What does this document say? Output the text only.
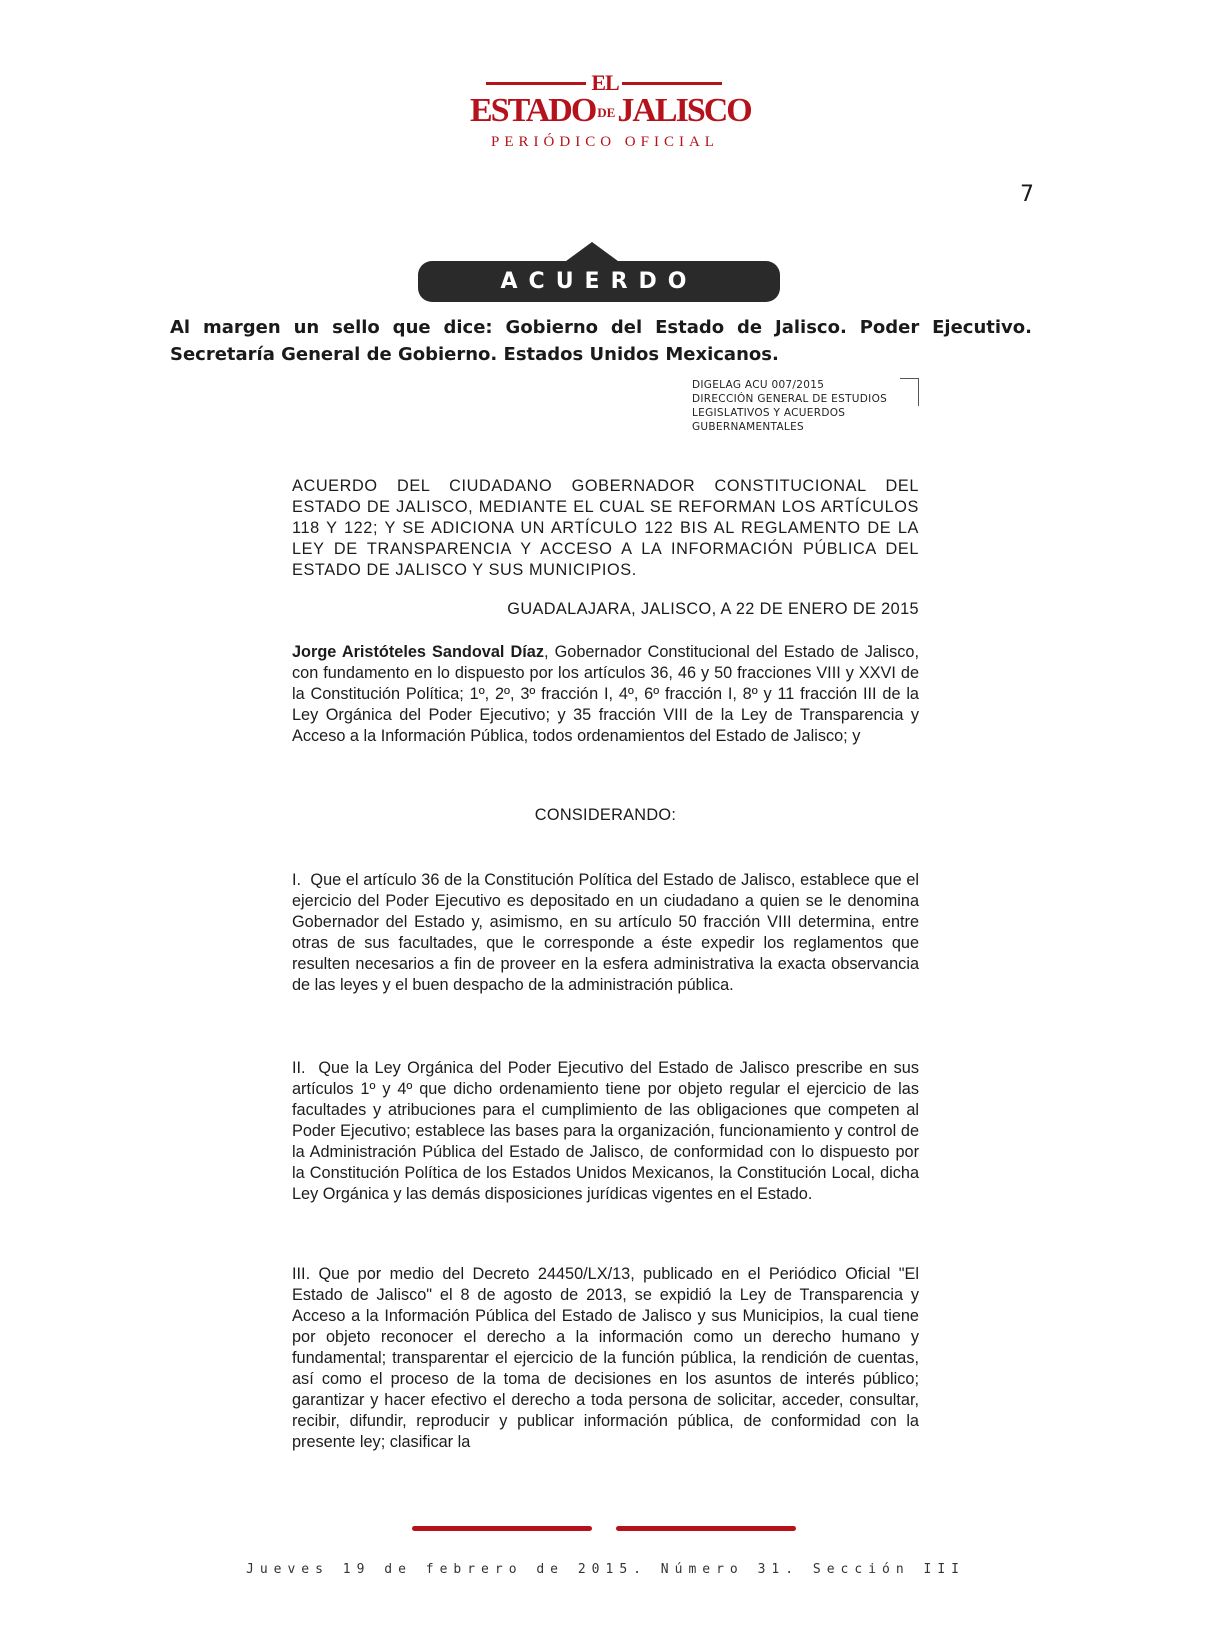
EL
ESTADO DEJALISCO
PERIÓDICO OFICIAL
7
ACUERDO
Al margen un sello que dice: Gobierno del Estado de Jalisco. Poder Ejecutivo. Secretaría General de Gobierno. Estados Unidos Mexicanos.
DIGELAG ACU 007/2015
DIRECCIÓN GENERAL DE ESTUDIOS
LEGISLATIVOS Y ACUERDOS
GUBERNAMENTALES
ACUERDO DEL CIUDADANO GOBERNADOR CONSTITUCIONAL DEL ESTADO DE JALISCO, MEDIANTE EL CUAL SE REFORMAN LOS ARTÍCULOS 118 Y 122; Y SE ADICIONA UN ARTÍCULO 122 BIS AL REGLAMENTO DE LA LEY DE TRANSPARENCIA Y ACCESO A LA INFORMACIÓN PÚBLICA DEL ESTADO DE JALISCO Y SUS MUNICIPIOS.
GUADALAJARA, JALISCO, A 22 DE ENERO DE 2015
Jorge Aristóteles Sandoval Díaz, Gobernador Constitucional del Estado de Jalisco, con fundamento en lo dispuesto por los artículos 36, 46 y 50 fracciones VIII y XXVI de la Constitución Política; 1º, 2º, 3º fracción I, 4º, 6º fracción I, 8º y 11 fracción III de la Ley Orgánica del Poder Ejecutivo; y 35 fracción VIII de la Ley de Transparencia y Acceso a la Información Pública, todos ordenamientos del Estado de Jalisco; y
CONSIDERANDO:
I. Que el artículo 36 de la Constitución Política del Estado de Jalisco, establece que el ejercicio del Poder Ejecutivo es depositado en un ciudadano a quien se le denomina Gobernador del Estado y, asimismo, en su artículo 50 fracción VIII determina, entre otras de sus facultades, que le corresponde a éste expedir los reglamentos que resulten necesarios a fin de proveer en la esfera administrativa la exacta observancia de las leyes y el buen despacho de la administración pública.
II. Que la Ley Orgánica del Poder Ejecutivo del Estado de Jalisco prescribe en sus artículos 1º y 4º que dicho ordenamiento tiene por objeto regular el ejercicio de las facultades y atribuciones para el cumplimiento de las obligaciones que competen al Poder Ejecutivo; establece las bases para la organización, funcionamiento y control de la Administración Pública del Estado de Jalisco, de conformidad con lo dispuesto por la Constitución Política de los Estados Unidos Mexicanos, la Constitución Local, dicha Ley Orgánica y las demás disposiciones jurídicas vigentes en el Estado.
III. Que por medio del Decreto 24450/LX/13, publicado en el Periódico Oficial "El Estado de Jalisco" el 8 de agosto de 2013, se expidió la Ley de Transparencia y Acceso a la Información Pública del Estado de Jalisco y sus Municipios, la cual tiene por objeto reconocer el derecho a la información como un derecho humano y fundamental; transparentar el ejercicio de la función pública, la rendición de cuentas, así como el proceso de la toma de decisiones en los asuntos de interés público; garantizar y hacer efectivo el derecho a toda persona de solicitar, acceder, consultar, recibir, difundir, reproducir y publicar información pública, de conformidad con la presente ley; clasificar la
Jueves 19 de febrero de 2015. Número 31. Sección III
